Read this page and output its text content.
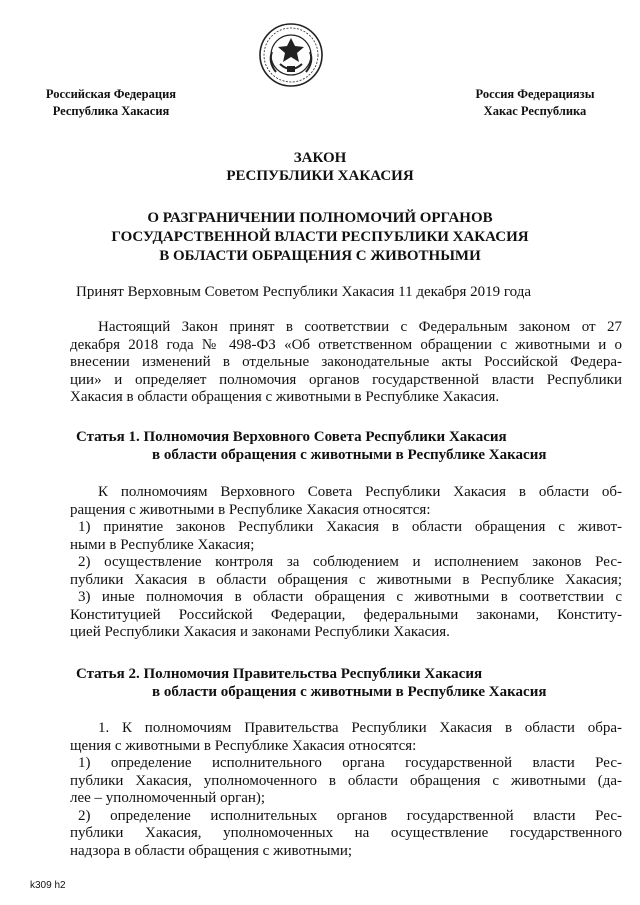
Российская Федерация
Республика Хакасия
Россия Федерациязы
Хакас Республика
ЗАКОН
РЕСПУБЛИКИ ХАКАСИЯ
О РАЗГРАНИЧЕНИИ ПОЛНОМОЧИЙ ОРГАНОВ
ГОСУДАРСТВЕННОЙ ВЛАСТИ РЕСПУБЛИКИ ХАКАСИЯ
В ОБЛАСТИ ОБРАЩЕНИЯ С ЖИВОТНЫМИ
Принят Верховным Советом Республики Хакасия 11 декабря 2019 года
Настоящий Закон принят в соответствии с Федеральным законом от 27
декабря 2018 года № 498-ФЗ «Об ответственном обращении с животными и о
внесении изменений в отдельные законодательные акты Российской Федера-
ции» и определяет полномочия органов государственной власти Республики
Хакасия в области обращения с животными в Республике Хакасия.
Статья 1. Полномочия Верховного Совета Республики Хакасия
в области обращения с животными в Республике Хакасия
К полномочиям Верховного Совета Республики Хакасия в области об-
ращения с животными в Республике Хакасия относятся:
1) принятие законов Республики Хакасия в области обращения с живот-
ными в Республике Хакасия;
2) осуществление контроля за соблюдением и исполнением законов Рес-
публики Хакасия в области обращения с животными в Республике Хакасия;
3) иные полномочия в области обращения с животными в соответствии с
Конституцией Российской Федерации, федеральными законами, Конститу-
цией Республики Хакасия и законами Республики Хакасия.
Статья 2. Полномочия Правительства Республики Хакасия
в области обращения с животными в Республике Хакасия
1. К полномочиям Правительства Республики Хакасия в области обра-
щения с животными в Республике Хакасия относятся:
1) определение исполнительного органа государственной власти Рес-
публики Хакасия, уполномоченного в области обращения с животными (да-
лее – уполномоченный орган);
2) определение исполнительных органов государственной власти Рес-
публики Хакасия, уполномоченных на осуществление государственного
надзора в области обращения с животными;
k309 h2
